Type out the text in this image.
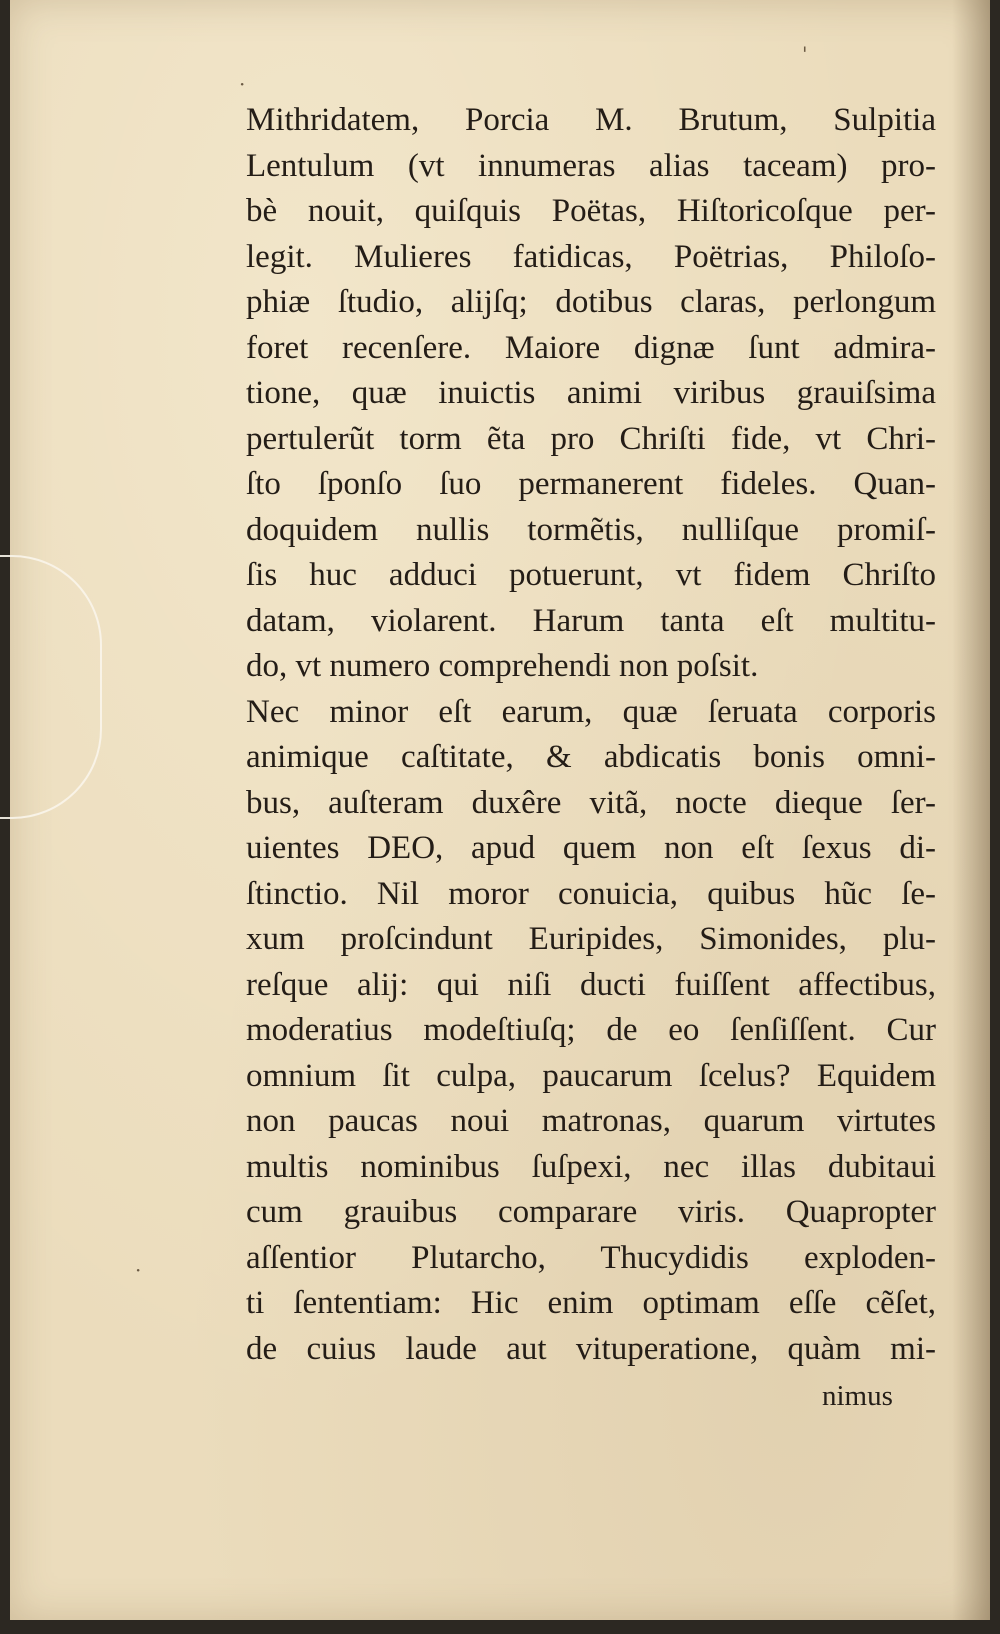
·
'
·
Mithridatem, Porcia M. Brutum, Sulpitia
Lentulum (vt innumeras alias taceam) pro-
bè nouit, quiſquis Poëtas, Hiſtoricoſque per-
legit. Mulieres fatidicas, Poëtrias, Philoſo-
phiæ ſtudio, alijſq; dotibus claras, perlongum
foret recenſere. Maiore dignæ ſunt admira-
tione, quæ inuictis animi viribus grauiſsima
pertulerũt torm ẽta pro Chriſti fide, vt Chri-
ſto ſponſo ſuo permanerent fideles. Quan-
doquidem nullis tormẽtis, nulliſque promiſ-
ſis huc adduci potuerunt, vt fidem Chriſto
datam, violarent. Harum tanta eſt multitu-
do, vt numero comprehendi non poſsit.
Nec minor eſt earum, quæ ſeruata corporis
animique caſtitate, & abdicatis bonis omni-
bus, auſteram duxêre vitã, nocte dieque ſer-
uientes DEO, apud quem non eſt ſexus di-
ſtinctio. Nil moror conuicia, quibus hũc ſe-
xum proſcindunt Euripides, Simonides, plu-
reſque alij: qui niſi ducti fuiſſent affectibus,
moderatius modeſtiuſq; de eo ſenſiſſent. Cur
omnium ſit culpa, paucarum ſcelus? Equidem
non paucas noui matronas, quarum virtutes
multis nominibus ſuſpexi, nec illas dubitaui
cum grauibus comparare viris. Quapropter
aſſentior Plutarcho, Thucydidis exploden-
ti ſententiam: Hic enim optimam eſſe cẽſet,
de cuius laude aut vituperatione, quàm mi-
nimus
